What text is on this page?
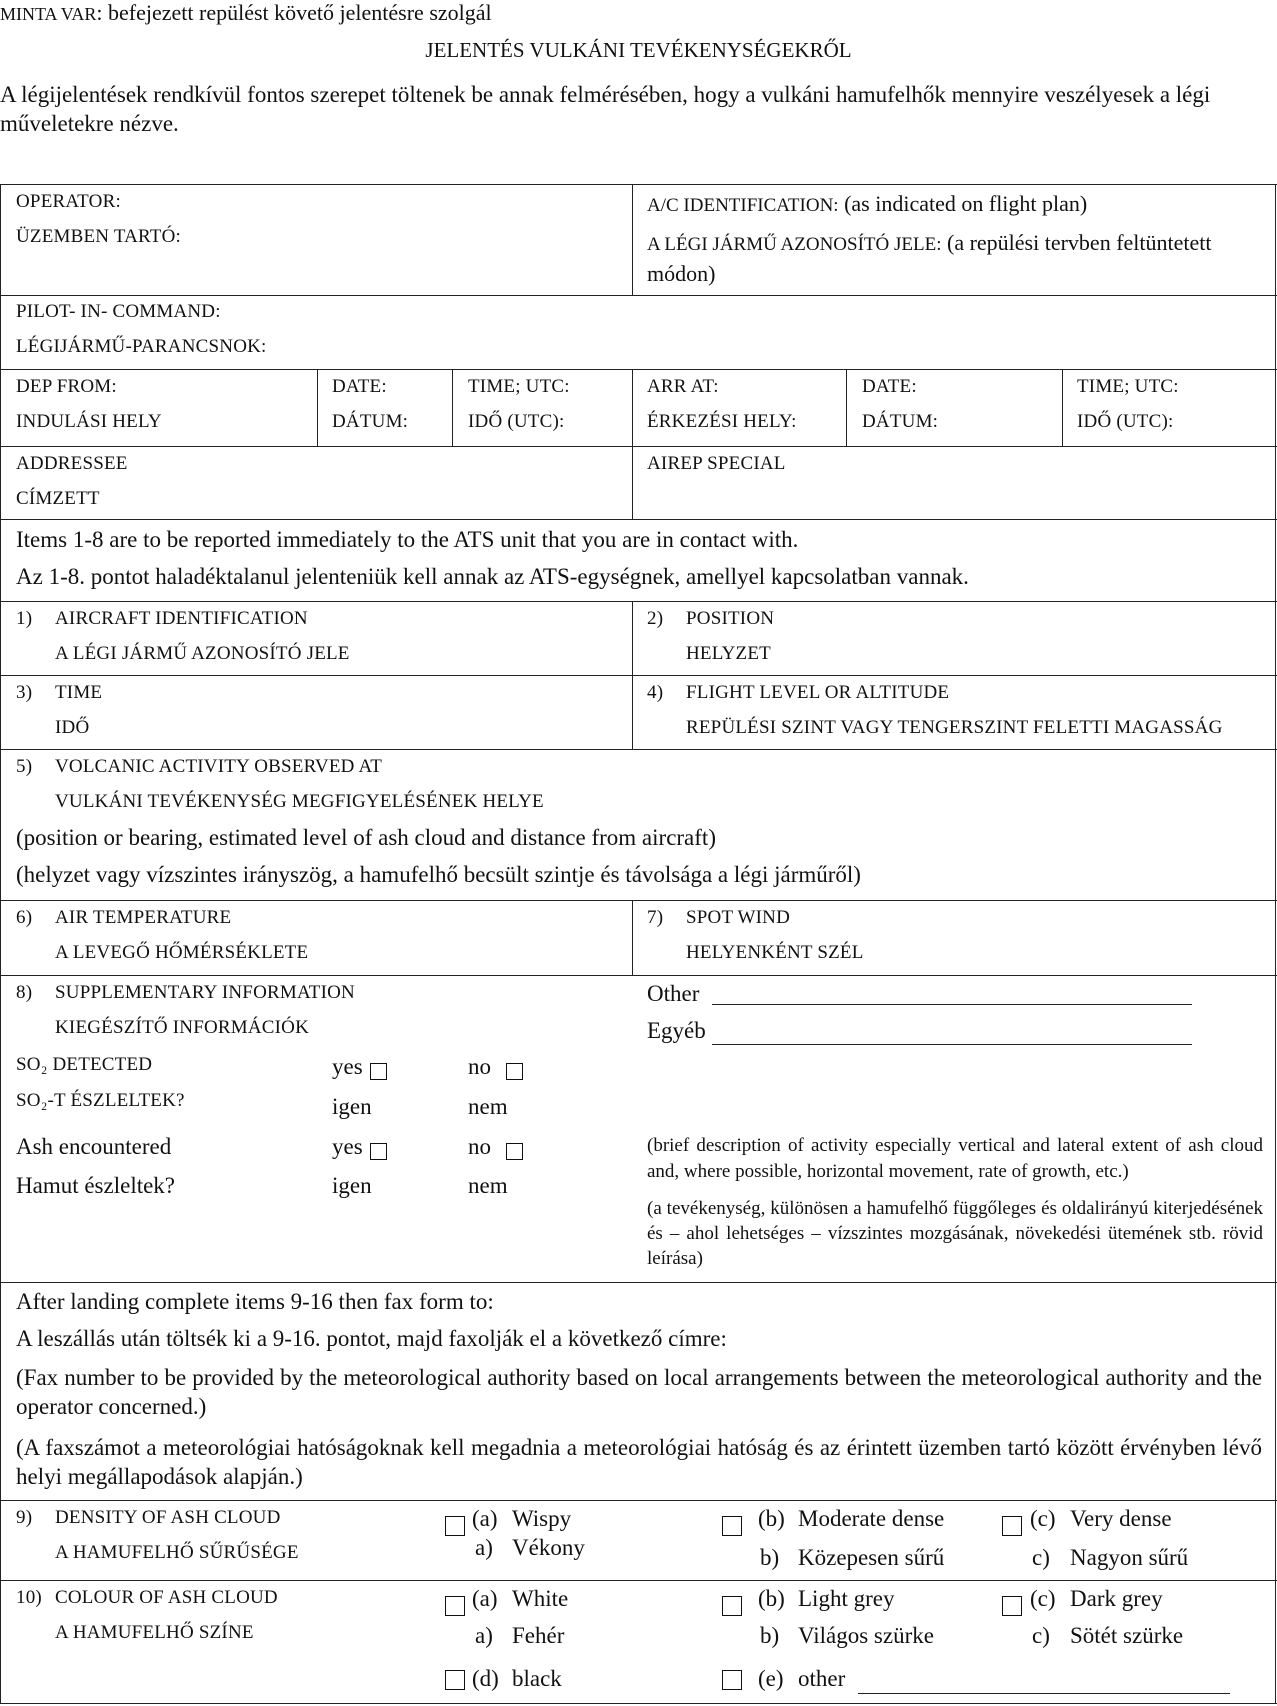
MINTA VAR: befejezett repülést követő jelentésre szolgál
JELENTÉS VULKÁNI TEVÉKENYSÉGEKRŐL
A légijelentések rendkívül fontos szerepet töltenek be annak felmérésében, hogy a vulkáni hamufelhők mennyire veszélyesek a légi műveletekre nézve.
OPERATOR:
ÜZEMBEN TARTÓ:
A/C IDENTIFICATION: (as indicated on flight plan)
A LÉGI JÁRMŰ AZONOSÍTÓ JELE: (a repülési tervben feltüntetett módon)
PILOT- IN- COMMAND:
LÉGIJÁRMŰ-PARANCSNOK:
DEP FROM:
INDULÁSI HELY
DATE:
DÁTUM:
TIME; UTC:
IDŐ (UTC):
ARR AT:
ÉRKEZÉSI HELY:
DATE:
DÁTUM:
TIME; UTC:
IDŐ (UTC):
ADDRESSEE
CÍMZETT
AIREP SPECIAL
Items 1-8 are to be reported immediately to the ATS unit that you are in contact with.
Az 1-8. pontot haladéktalanul jelenteniük kell annak az ATS-egységnek, amellyel kapcsolatban vannak.
1) AIRCRAFT IDENTIFICATION
A LÉGI JÁRMŰ AZONOSÍTÓ JELE
2) POSITION
HELYZET
3) TIME
IDŐ
4) FLIGHT LEVEL OR ALTITUDE
REPÜLÉSI SZINT VAGY TENGERSZINT FELETTI MAGASSÁG
5) VOLCANIC ACTIVITY OBSERVED AT
VULKÁNI TEVÉKENYSÉG MEGFIGYELÉSÉNEK HELYE
(position or bearing, estimated level of ash cloud and distance from aircraft)
(helyzet vagy vízszintes irányszög, a hamufelhő becsült szintje és távolsága a légi járműről)
6) AIR TEMPERATURE
A LEVEGŐ HŐMÉRSÉKLETE
7) SPOT WIND
HELYENKÉNT SZÉL
8) SUPPLEMENTARY INFORMATION
KIEGÉSZÍTŐ INFORMÁCIÓK
SO₂ DETECTED
SO₂-T ÉSZLELTEK?
yes
igen
no
nem
Ash encountered
Hamut észleltek?
yes
igen
no
nem
Other
Egyéb
(brief description of activity especially vertical and lateral extent of ash cloud and, where possible, horizontal movement, rate of growth, etc.)
(a tevékenység, különösen a hamufelhő függőleges és oldalirányú kiterjedésének és – ahol lehetséges – vízszintes mozgásának, növekedési ütemének stb. rövid leírása)
After landing complete items 9-16 then fax form to:
A leszállás után töltsék ki a 9-16. pontot, majd faxolják el a következő címre:
(Fax number to be provided by the meteorological authority based on local arrangements between the meteorological authority and the operator concerned.)
(A faxszámot a meteorológiai hatóságoknak kell megadnia a meteorológiai hatóság és az érintett üzemben tartó között érvényben lévő helyi megállapodások alapján.)
9) DENSITY OF ASH CLOUD
A HAMUFELHŐ SŰRŰSÉGE
(a) Wispy
a) Vékony
(b) Moderate dense
b) Közepesen sűrű
(c) Very dense
c) Nagyon sűrű
10) COLOUR OF ASH CLOUD
A HAMUFELHŐ SZÍNE
(a) White
a) Fehér
(b) Light grey
b) Világos szürke
(c) Dark grey
c) Sötét szürke
(d) black	(e) other
